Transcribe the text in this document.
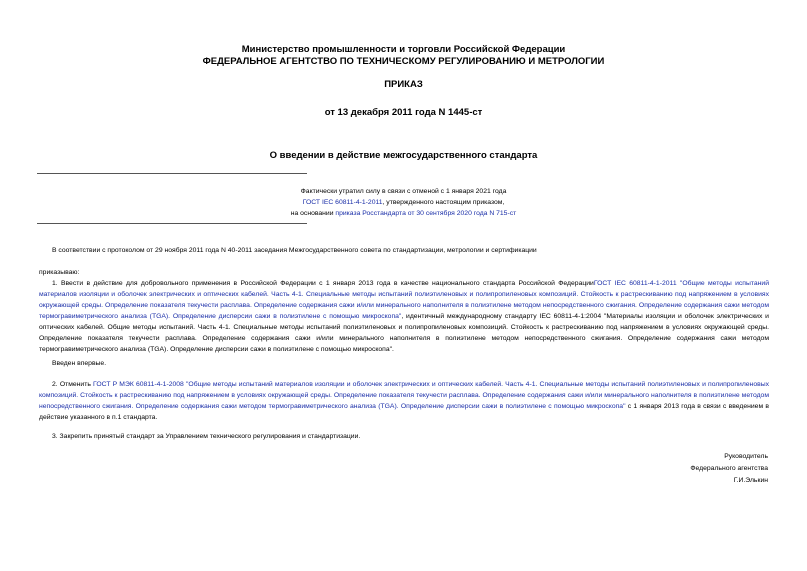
Министерство промышленности и торговли Российской Федерации
ФЕДЕРАЛЬНОЕ АГЕНТСТВО ПО ТЕХНИЧЕСКОМУ РЕГУЛИРОВАНИЮ И МЕТРОЛОГИИ
ПРИКАЗ
от 13 декабря 2011 года N 1445-ст
О введении в действие межгосударственного стандарта
Фактически утратил силу в связи с отменой с 1 января 2021 года
ГОСТ IEC 60811-4-1-2011, утвержденного настоящим приказом,
на основании приказа Росстандарта от 30 сентября 2020 года N 715-ст
В соответствии с протоколом от 29 ноября 2011 года N 40-2011 заседания Межгосударственного совета по стандартизации, метрологии и сертификации
приказываю:
1. Ввести в действие для добровольного применения в Российской Федерации с 1 января 2013 года в качестве национального стандарта Российской ФедерацииГОСТ IEC 60811-4-1-2011 "Общие методы испытаний материалов изоляции и оболочек электрических и оптических кабелей. Часть 4-1. Специальные методы испытаний полиэтиленовых и полипропиленовых композиций. Стойкость к растрескиванию под напряжением в условиях окружающей среды. Определение показателя текучести расплава. Определение содержания сажи и/или минерального наполнителя в полиэтилене методом непосредственного сжигания. Определение содержания сажи методом термогравиметрического анализа (TGA). Определение дисперсии сажи в полиэтилене с помощью микроскопа", идентичный международному стандарту IEC 60811-4-1:2004 "Материалы изоляции и оболочек электрических и оптических кабелей. Общие методы испытаний. Часть 4-1. Специальные методы испытаний полиэтиленовых и полипропиленовых композиций. Стойкость к растрескиванию под напряжением в условиях окружающей среды. Определение показателя текучести расплава. Определение содержания сажи и/или минерального наполнителя в полиэтилене методом непосредственного сжигания. Определение содержания сажи методом термогравиметрического анализа (TGA). Определение дисперсии сажи в полиэтилене с помощью микроскопа".
Введен впервые.
2. Отменить ГОСТ Р МЭК 60811-4-1-2008 "Общие методы испытаний материалов изоляции и оболочек электрических и оптических кабелей. Часть 4-1. Специальные методы испытаний полиэтиленовых и полипропиленовых композиций. Стойкость к растрескиванию под напряжением в условиях окружающей среды. Определение показателя текучести расплава. Определение содержания сажи и/или минерального наполнителя в полиэтилене методом непосредственного сжигания. Определение содержания сажи методом термогравиметрического анализа (TGA). Определение дисперсии сажи в полиэтилене с помощью микроскопа" с 1 января 2013 года в связи с введением в действие указанного в п.1 стандарта.
3. Закрепить принятый стандарт за Управлением технического регулирования и стандартизации.
Руководитель
Федерального агентства
Г.И.Элькин
